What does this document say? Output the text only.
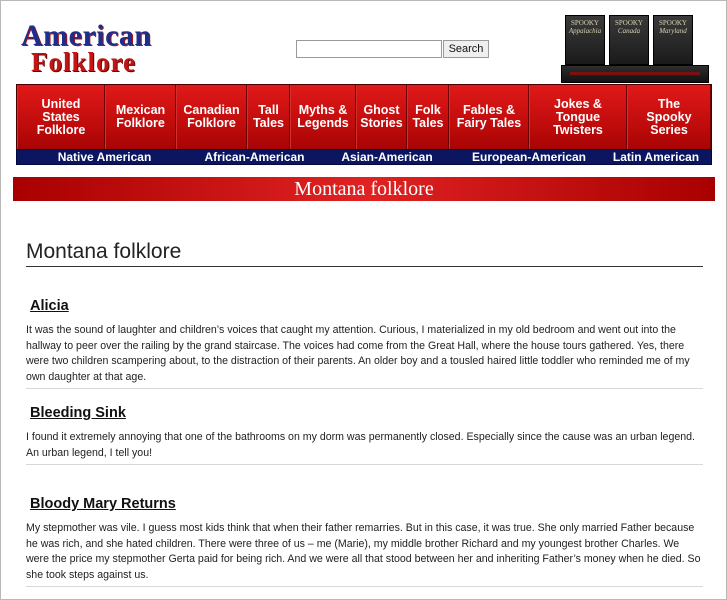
American
Folklore	Search
SPOOKY
Appalachia
SPOOKY
Canada
SPOOKY
Maryland
United
States
Folklore
Mexican
Folklore
Canadian
Folklore
Tall
Tales
Myths &
Legends
Ghost
Stories
Folk
Tales
Fables &
Fairy Tales
Jokes &
Tongue
Twisters
The
Spooky
Series
Native American	African-American	Asian-American	European-American	Latin American
Montana folklore
Montana folklore
Alicia
It was the sound of laughter and children’s voices that caught my attention. Curious, I materialized in my old bedroom and went out into the hallway to peer over the railing by the grand staircase. The voices had come from the Great Hall, where the house tours gathered. Yes, there were two children scampering about, to the distraction of their parents. An older boy and a tousled haired little toddler who reminded me of my own daughter at that age.
Bleeding Sink
I found it extremely annoying that one of the bathrooms on my dorm was permanently closed. Especially since the cause was an urban legend. An urban legend, I tell you!
Bloody Mary Returns
My stepmother was vile. I guess most kids think that when their father remarries. But in this case, it was true. She only married Father because he was rich, and she hated children. There were three of us – me (Marie), my middle brother Richard and my youngest brother Charles. We were the price my stepmother Gerta paid for being rich. And we were all that stood between her and inheriting Father’s money when he died. So she took steps against us.
